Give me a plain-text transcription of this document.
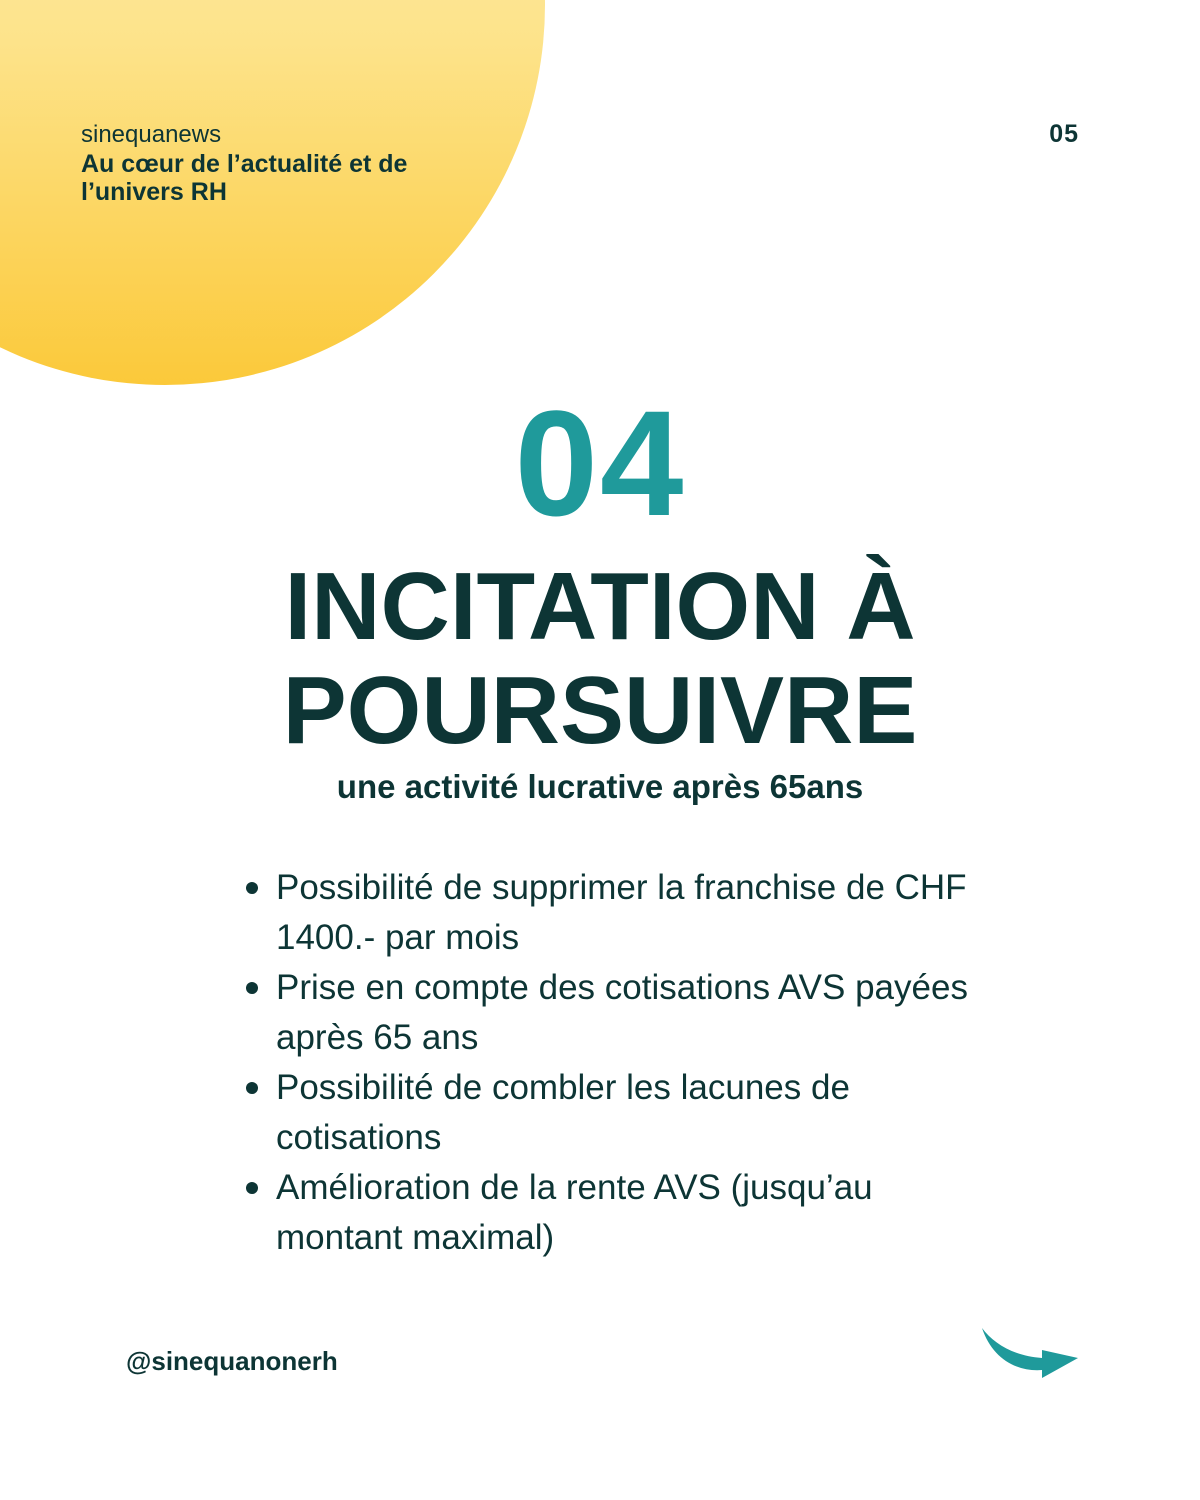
sinequanews
Au cœur de l’actualité et de l’univers RH
05
04
INCITATION À POURSUIVRE
une activité lucrative après 65ans
Possibilité de supprimer la franchise de CHF 1400.- par mois
Prise en compte des cotisations AVS payées après 65 ans
Possibilité de combler les lacunes de cotisations
Amélioration de la rente AVS (jusqu’au montant maximal)
@sinequanonerh
